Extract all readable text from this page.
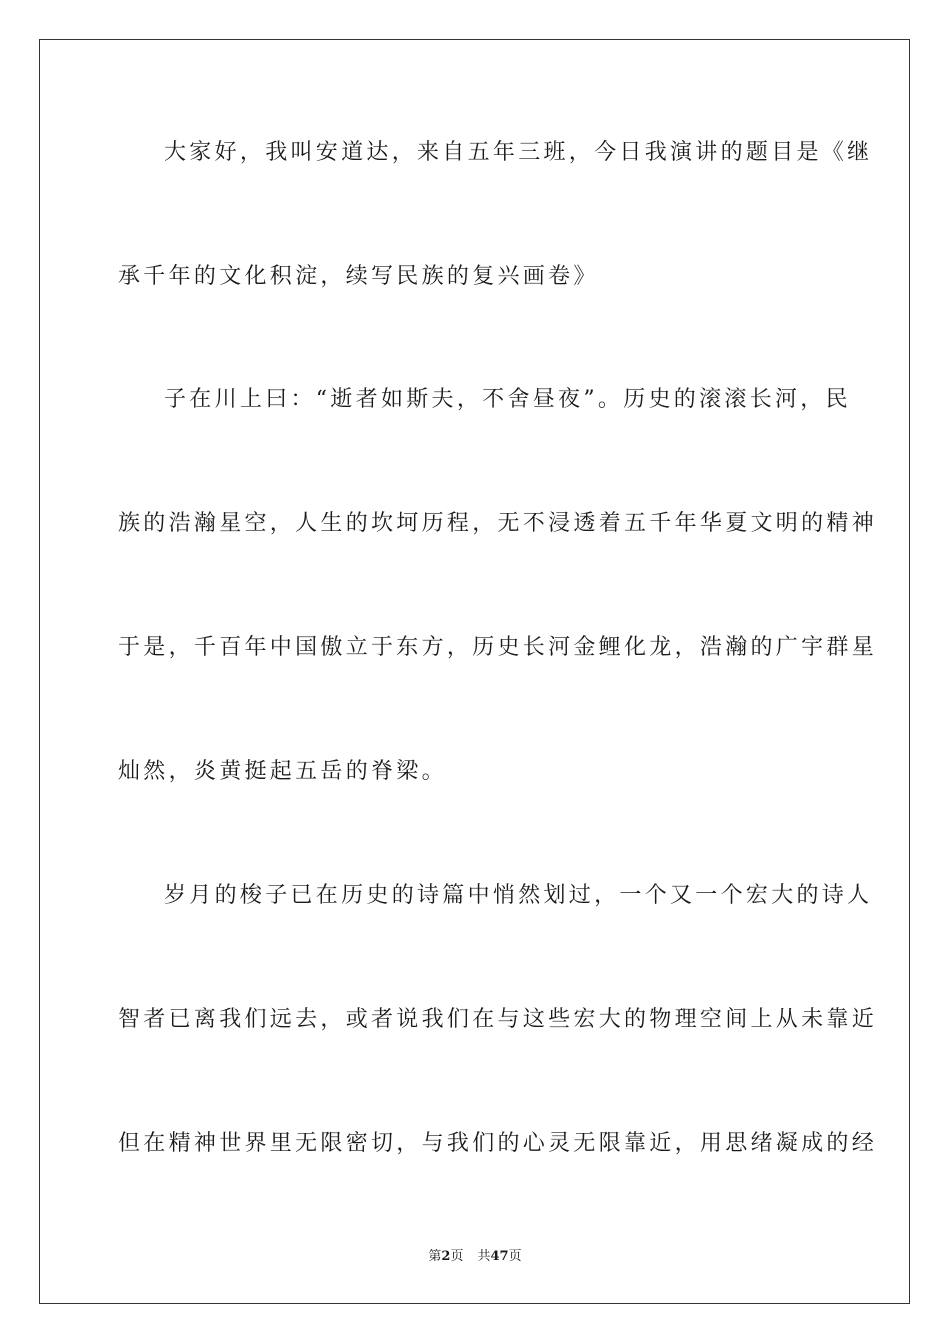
大家好，我叫安道达，来自五年三班，今日我演讲的题目是《继
承千年的文化积淀，续写民族的复兴画卷》
子在川上曰：“逝者如斯夫，不舍昼夜”。历史的滚滚长河，民
族的浩瀚星空，人生的坎坷历程，无不浸透着五千年华夏文明的精神
于是，千百年中国傲立于东方，历史长河金鲤化龙，浩瀚的广宇群星
灿然，炎黄挺起五岳的脊梁。
岁月的梭子已在历史的诗篇中悄然划过，一个又一个宏大的诗人
智者已离我们远去，或者说我们在与这些宏大的物理空间上从未靠近
但在精神世界里无限密切，与我们的心灵无限靠近，用思绪凝成的经
第2页 共47页
